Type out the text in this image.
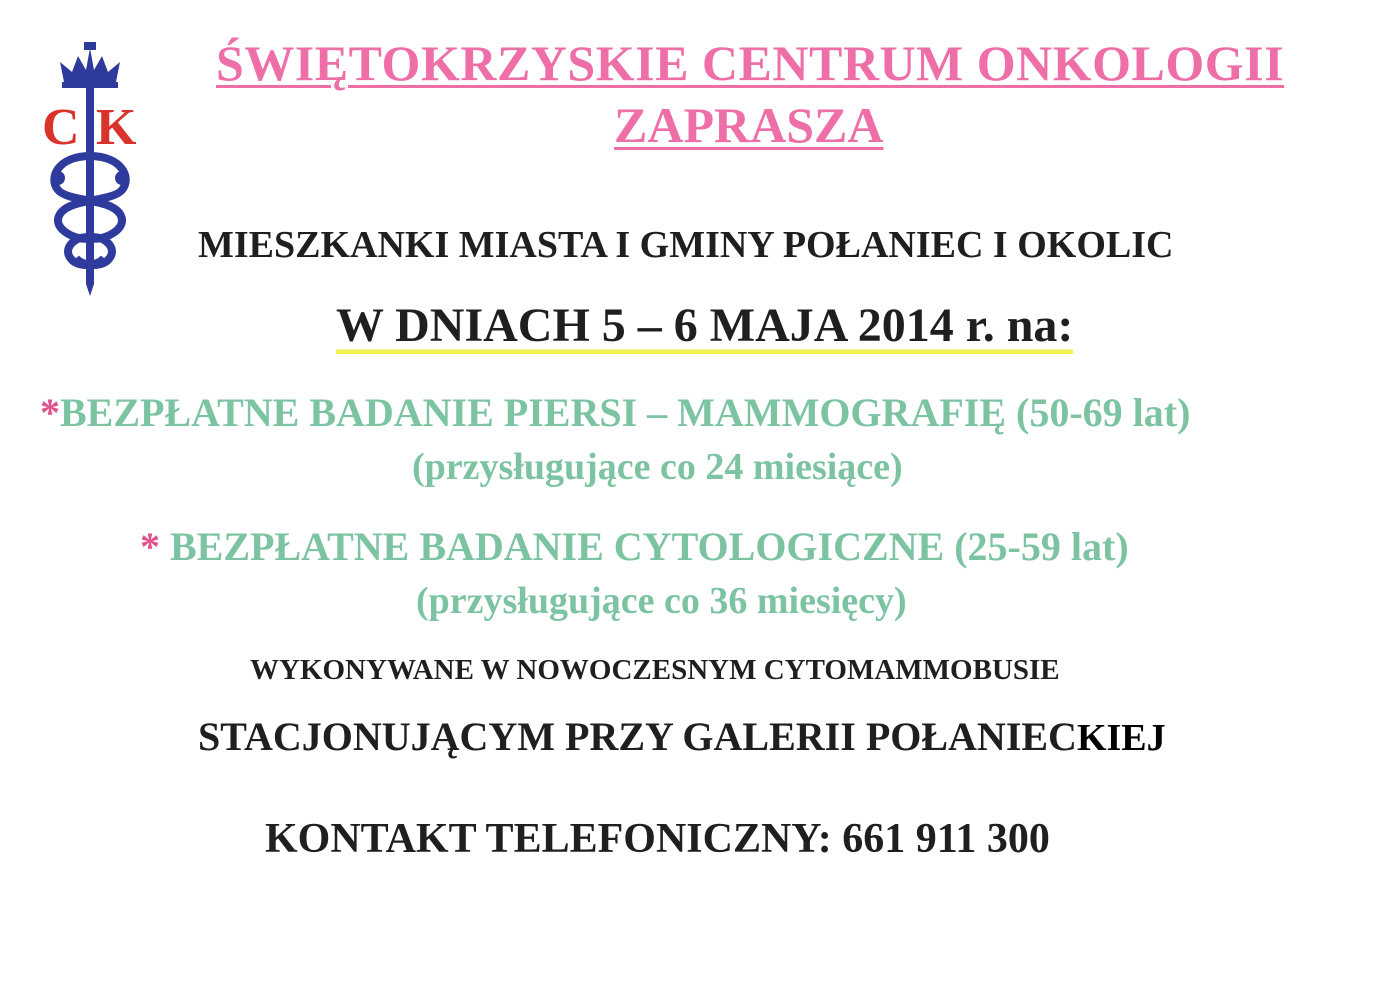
C K
ŚWIĘTOKRZYSKIE CENTRUM ONKOLOGII
ZAPRASZA
MIESZKANKI MIASTA I GMINY POŁANIEC I OKOLIC
W DNIACH 5 – 6 MAJA 2014 r. na:
*BEZPŁATNE BADANIE PIERSI – MAMMOGRAFIĘ (50-69 lat)
(przysługujące co 24 miesiące)
* BEZPŁATNE BADANIE CYTOLOGICZNE (25-59 lat)
(przysługujące co 36 miesięcy)
WYKONYWANE W NOWOCZESNYM CYTOMAMMOBUSIE
STACJONUJĄCYM PRZY GALERII POŁANIECKIEJ
KONTAKT TELEFONICZNY: 661 911 300
